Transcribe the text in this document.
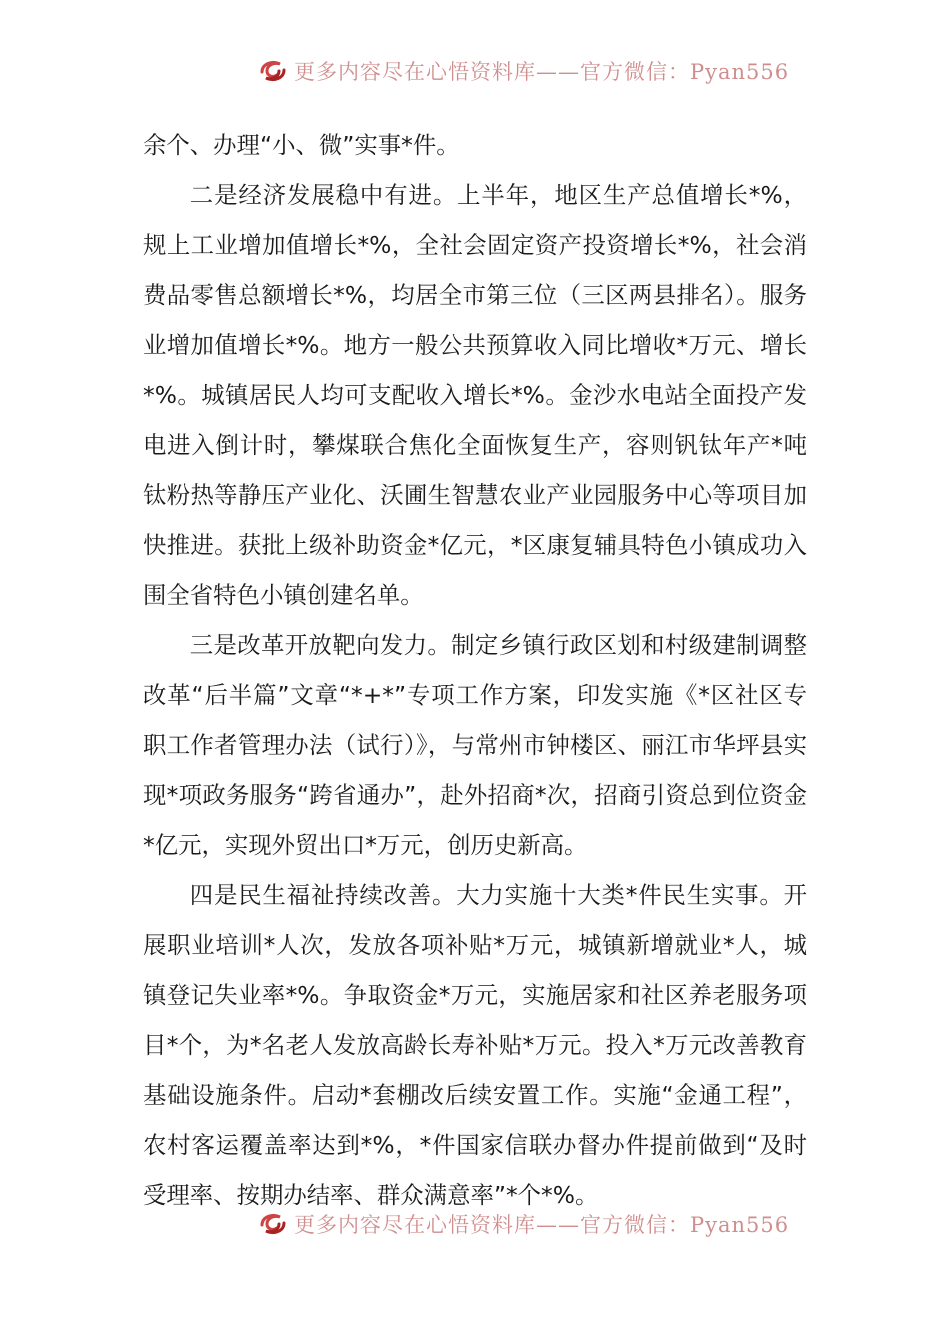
更多内容尽在心悟资料库——官方微信：Pyan556

余个、办理“小、微”实事*件。

二是经济发展稳中有进。上半年，地区生产总值增长*%，规上工业增加值增长*%，全社会固定资产投资增长*%，社会消费品零售总额增长*%，均居全市第三位（三区两县排名）。服务业增加值增长*%。地方一般公共预算收入同比增收*万元、增长*%。城镇居民人均可支配收入增长*%。金沙水电站全面投产发电进入倒计时，攀煤联合焦化全面恢复生产，容则钒钛年产*吨钛粉热等静压产业化、沃圃生智慧农业产业园服务中心等项目加快推进。获批上级补助资金*亿元，*区康复辅具特色小镇成功入围全省特色小镇创建名单。

三是改革开放靶向发力。制定乡镇行政区划和村级建制调整改革“后半篇”文章“*+*”专项工作方案，印发实施《*区社区专职工作者管理办法（试行）》，与常州市钟楼区、丽江市华坪县实现*项政务服务“跨省通办”，赴外招商*次，招商引资总到位资金*亿元，实现外贸出口*万元，创历史新高。

四是民生福祉持续改善。大力实施十大类*件民生实事。开展职业培训*人次，发放各项补贴*万元，城镇新增就业*人，城镇登记失业率*%。争取资金*万元，实施居家和社区养老服务项目*个，为*名老人发放高龄长寿补贴*万元。投入*万元改善教育基础设施条件。启动*套棚改后续安置工作。实施“金通工程”，农村客运覆盖率达到*%，*件国家信联办督办件提前做到“及时受理率、按期办结率、群众满意率”*个*%。

更多内容尽在心悟资料库——官方微信：Pyan556
